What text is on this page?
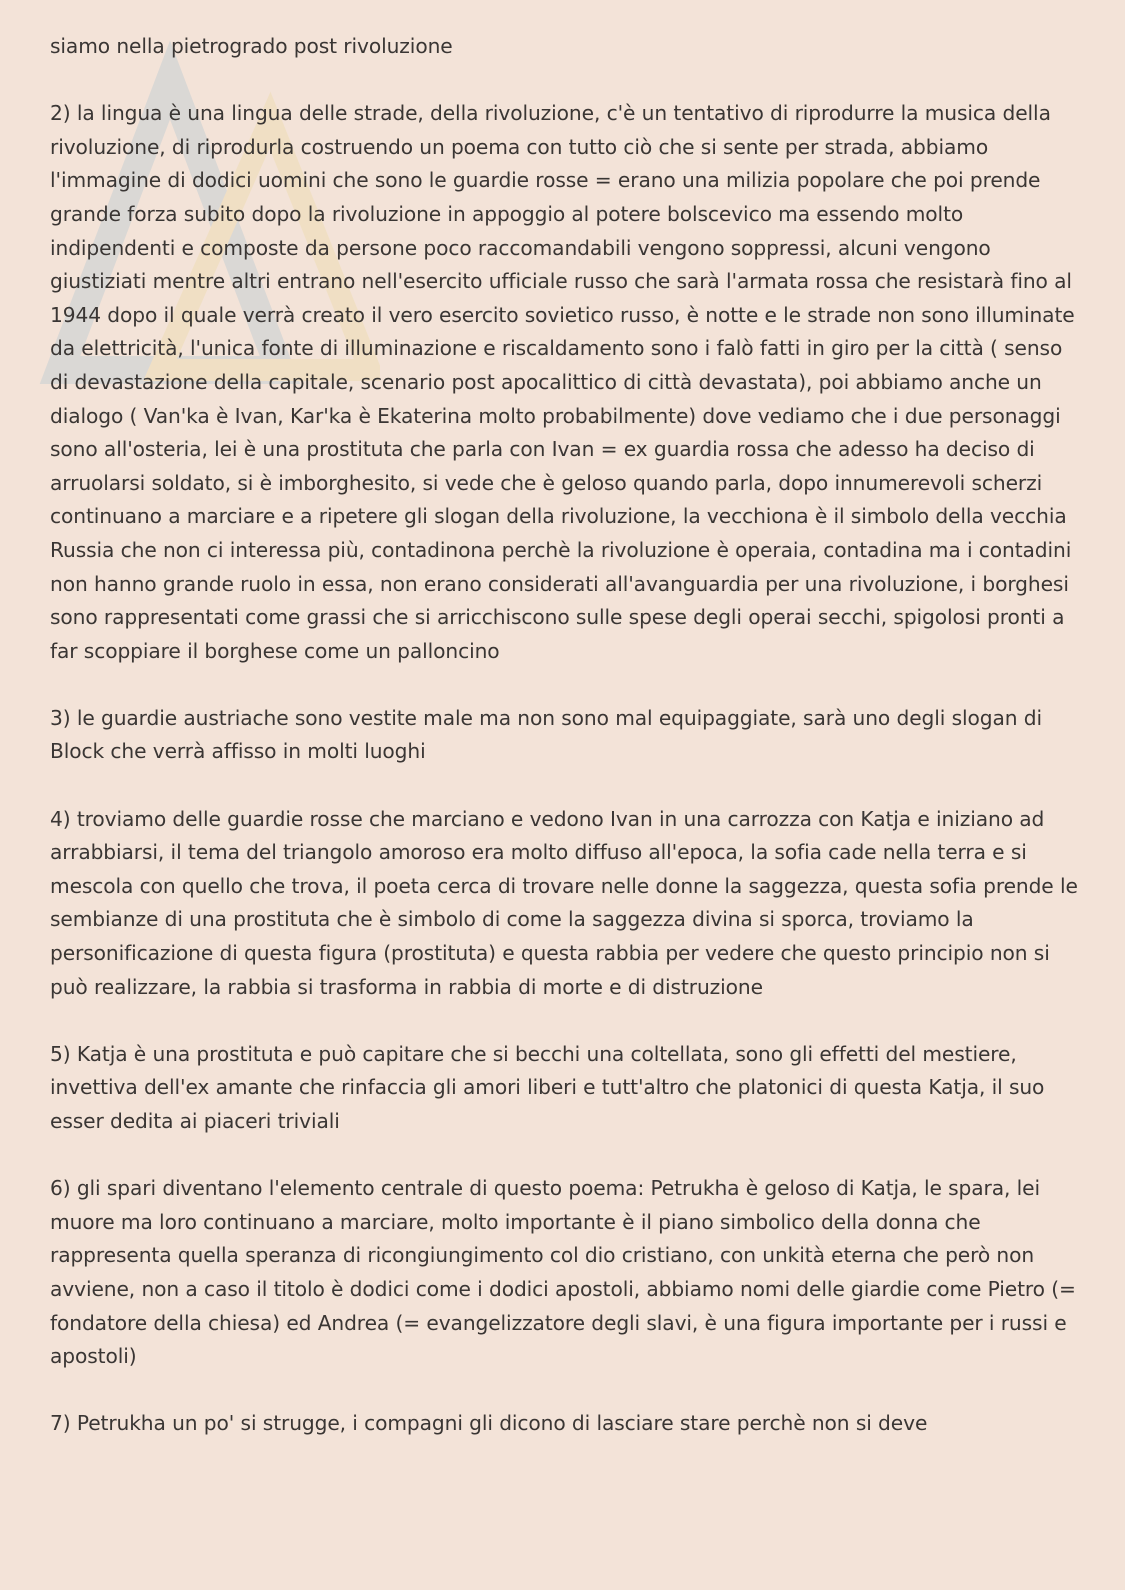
siamo nella pietrogrado post rivoluzione

2) la lingua è una lingua delle strade, della rivoluzione, c'è un tentativo di riprodurre la musica della rivoluzione, di riprodurla costruendo un poema con tutto ciò che si sente per strada, abbiamo l'immagine di dodici uomini che sono le guardie rosse = erano una milizia popolare che poi prende grande forza subito dopo la rivoluzione in appoggio al potere bolscevico ma essendo molto indipendenti e composte da persone poco raccomandabili vengono soppressi, alcuni vengono giustiziati mentre altri entrano nell'esercito ufficiale russo che sarà l'armata rossa che resistarà fino al 1944 dopo il quale verrà creato il vero esercito sovietico russo, è notte e le strade non sono illuminate da elettricità, l'unica fonte di illuminazione e riscaldamento sono i falò fatti in giro per la città ( senso di devastazione della capitale, scenario post apocalittico di città devastata), poi abbiamo anche un dialogo ( Van'ka è Ivan, Kar'ka è Ekaterina molto probabilmente) dove vediamo che i due personaggi sono all'osteria, lei è una prostituta che parla con Ivan = ex guardia rossa che adesso ha deciso di arruolarsi soldato, si è imborghesito, si vede che è geloso quando parla, dopo innumerevoli scherzi continuano a marciare e a ripetere gli slogan della rivoluzione, la vecchiona è il simbolo della vecchia Russia che non ci interessa più, contadinona perchè la rivoluzione è operaia, contadina ma i contadini non hanno grande ruolo in essa, non erano considerati all'avanguardia per una rivoluzione, i borghesi sono rappresentati come grassi che si arricchiscono sulle spese degli operai secchi, spigolosi pronti a far scoppiare il borghese come un palloncino

3) le guardie austriache sono vestite male ma non sono mal equipaggiate, sarà uno degli slogan di Block che verrà affisso in molti luoghi

4) troviamo delle guardie rosse che marciano e vedono Ivan in una carrozza con Katja e iniziano ad arrabbiarsi, il tema del triangolo amoroso era molto diffuso all'epoca, la sofia cade nella terra e si mescola con quello che trova, il poeta cerca di trovare nelle donne la saggezza, questa sofia prende le sembianze di una prostituta che è simbolo di come la saggezza divina si sporca, troviamo la personificazione di questa figura (prostituta) e questa rabbia per vedere che questo principio non si può realizzare, la rabbia si trasforma in rabbia di morte e di distruzione

5) Katja è una prostituta e può capitare che si becchi una coltellata, sono gli effetti del mestiere, invettiva dell'ex amante che rinfaccia gli amori liberi e tutt'altro che platonici di questa Katja, il suo esser dedita ai piaceri triviali

6) gli spari diventano l'elemento centrale di questo poema: Petrukha è geloso di Katja, le spara, lei muore ma loro continuano a marciare, molto importante è il piano simbolico della donna che rappresenta quella speranza di ricongiungimento col dio cristiano, con unkità eterna che però non avviene, non a caso il titolo è dodici come i dodici apostoli, abbiamo nomi delle giardie come Pietro (= fondatore della chiesa) ed Andrea (= evangelizzatore degli slavi, è una figura importante per i russi e apostoli)

7) Petrukha un po' si strugge, i compagni gli dicono di lasciare stare perchè non si deve
